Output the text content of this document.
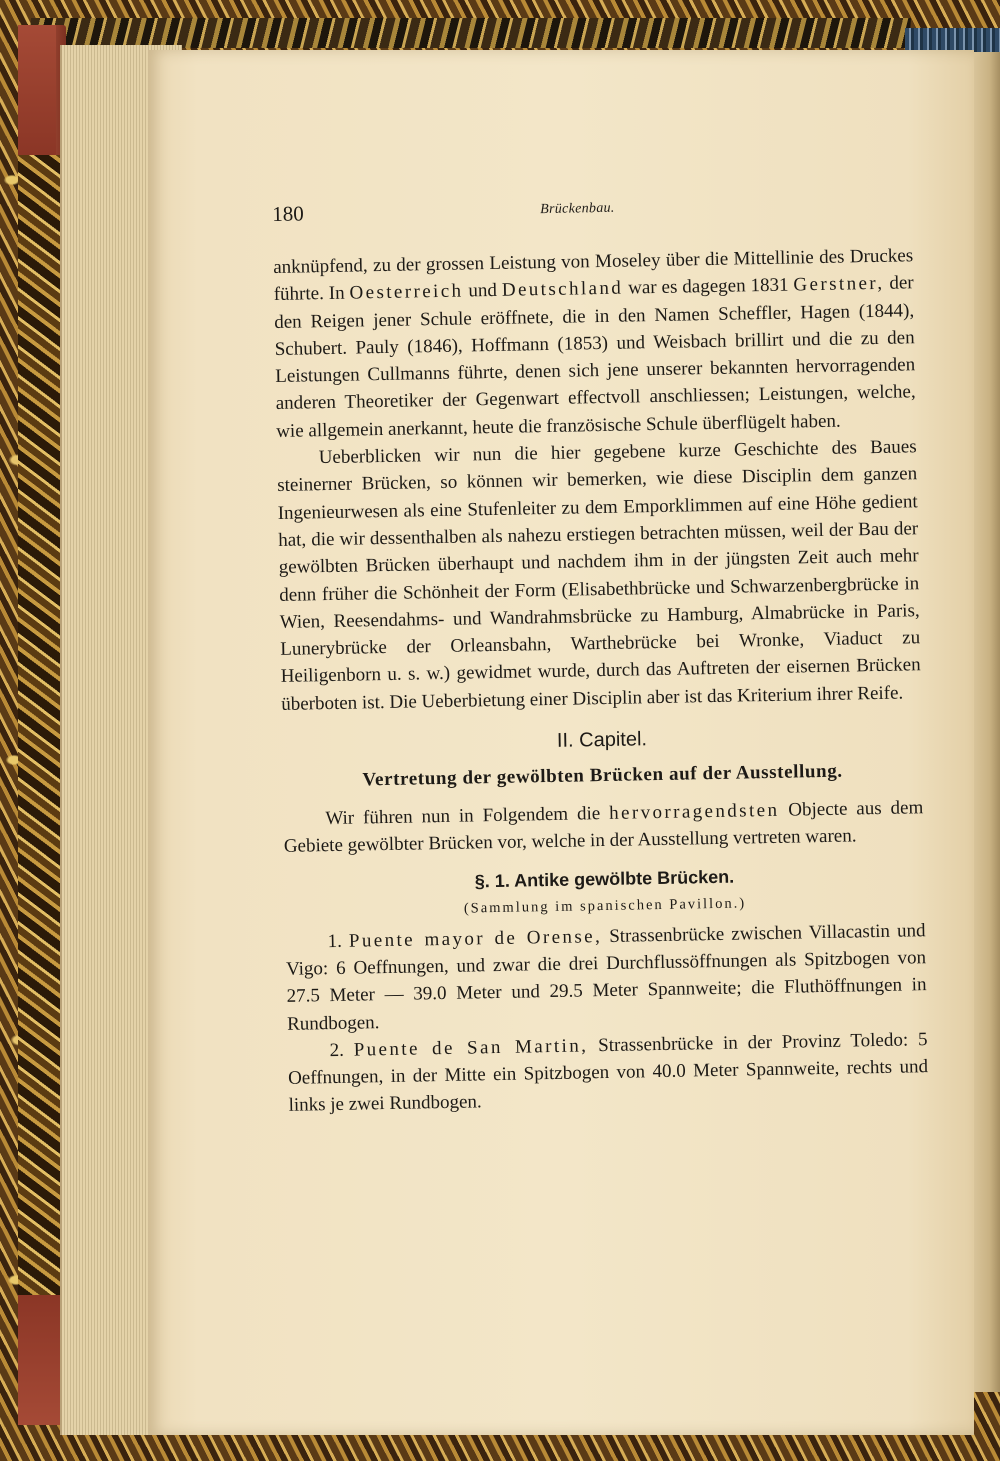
180	Brückenbau.

anknüpfend, zu der grossen Leistung von Moseley über die Mittellinie des Druckes führte. In Oesterreich und Deutschland war es dagegen 1831 Gerstner, der den Reigen jener Schule eröffnete, die in den Namen Scheffler, Hagen (1844), Schubert. Pauly (1846), Hoffmann (1853) und Weisbach brillirt und die zu den Leistungen Cullmanns führte, denen sich jene unserer bekannten hervorragenden anderen Theoretiker der Gegenwart effectvoll anschliessen; Leistungen, welche, wie allgemein anerkannt, heute die französische Schule überflügelt haben.

Ueberblicken wir nun die hier gegebene kurze Geschichte des Baues steinerner Brücken, so können wir bemerken, wie diese Disciplin dem ganzen Ingenieurwesen als eine Stufenleiter zu dem Emporklimmen auf eine Höhe gedient hat, die wir dessenthalben als nahezu erstiegen betrachten müssen, weil der Bau der gewölbten Brücken überhaupt und nachdem ihm in der jüngsten Zeit auch mehr denn früher die Schönheit der Form (Elisabethbrücke und Schwarzenbergbrücke in Wien, Reesendahms- und Wandrahmsbrücke zu Hamburg, Almabrücke in Paris, Lunerybrücke der Orleansbahn, Warthebrücke bei Wronke, Viaduct zu Heiligenborn u. s. w.) gewidmet wurde, durch das Auftreten der eisernen Brücken überboten ist. Die Ueberbietung einer Disciplin aber ist das Kriterium ihrer Reife.

II. Capitel.
Vertretung der gewölbten Brücken auf der Ausstellung.

Wir führen nun in Folgendem die hervorragendsten Objecte aus dem Gebiete gewölbter Brücken vor, welche in der Ausstellung vertreten waren.

§. 1. Antike gewölbte Brücken.
(Sammlung im spanischen Pavillon.)

1. Puente mayor de Orense, Strassenbrücke zwischen Villacastin und Vigo: 6 Oeffnungen, und zwar die drei Durchflussöffnungen als Spitzbogen von 27.5 Meter — 39.0 Meter und 29.5 Meter Spannweite; die Fluthöffnungen in Rundbogen.

2. Puente de San Martin, Strassenbrücke in der Provinz Toledo: 5 Oeffnungen, in der Mitte ein Spitzbogen von 40.0 Meter Spannweite, rechts und links je zwei Rundbogen.
